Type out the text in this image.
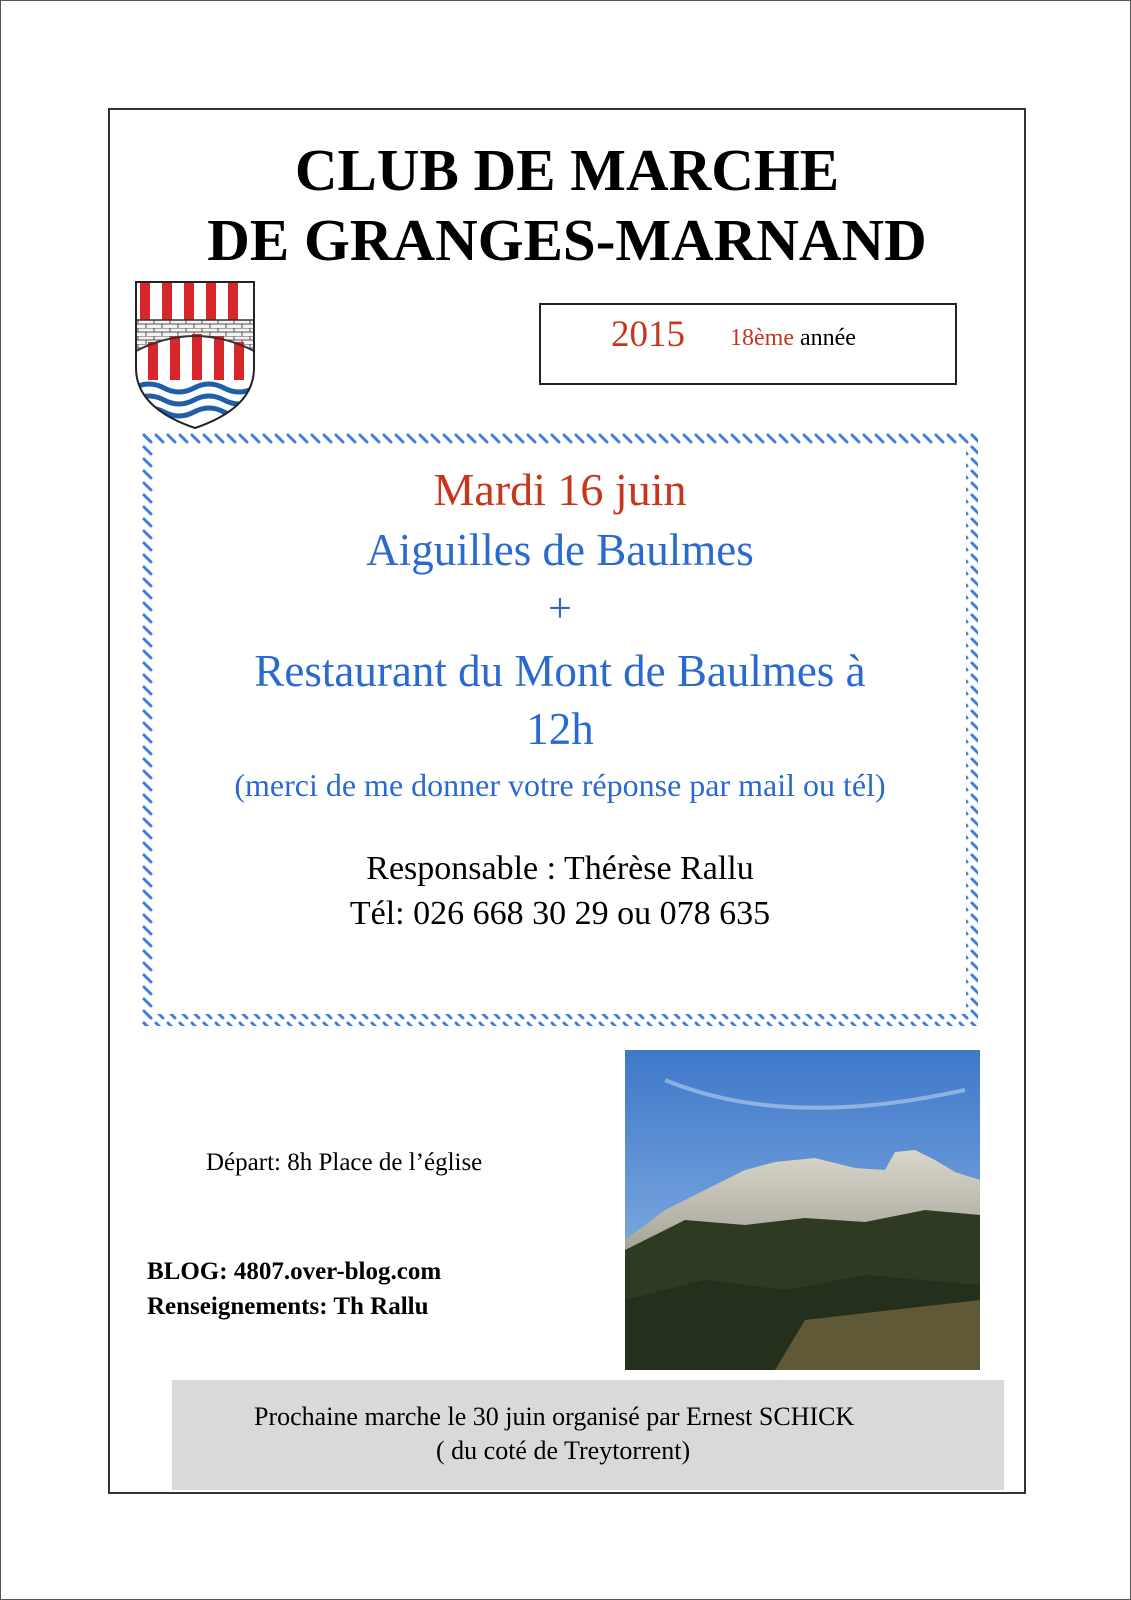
CLUB DE MARCHE
DE GRANGES-MARNAND
2015 18ème année
Mardi 16 juin
Aiguilles de Baulmes
+
Restaurant du Mont de Baulmes à
12h
(merci de me donner votre réponse par mail ou tél)
Responsable : Thérèse Rallu
Tél: 026 668 30 29 ou 078 635
Départ: 8h Place de l’église
BLOG: 4807.over-blog.com
Renseignements: Th Rallu
Prochaine marche le 30 juin organisé par Ernest SCHICK
( du coté de Treytorrent)
